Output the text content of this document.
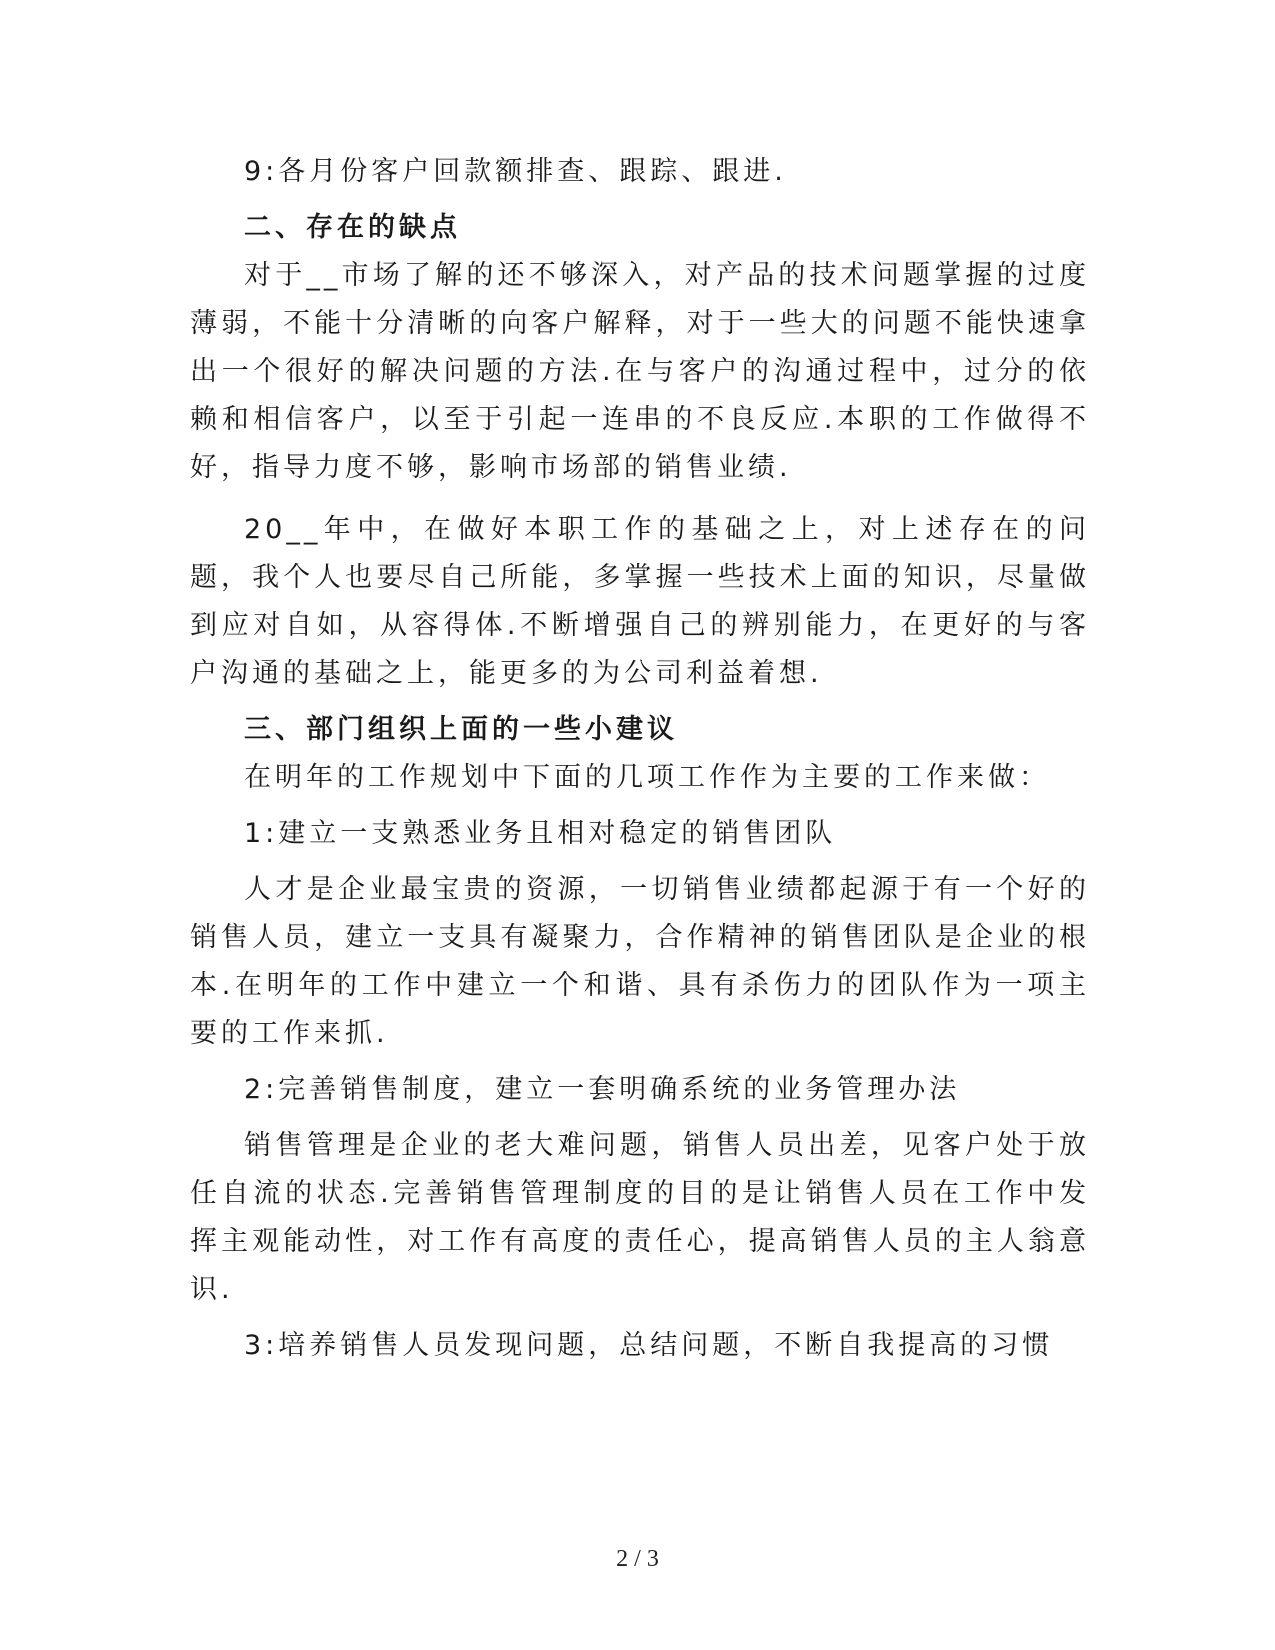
9:各月份客户回款额排查、跟踪、跟进.

二、存在的缺点

对于__市场了解的还不够深入，对产品的技术问题掌握的过度薄弱，不能十分清晰的向客户解释，对于一些大的问题不能快速拿出一个很好的解决问题的方法.在与客户的沟通过程中，过分的依赖和相信客户，以至于引起一连串的不良反应.本职的工作做得不好，指导力度不够，影响市场部的销售业绩.

20__年中，在做好本职工作的基础之上，对上述存在的问题，我个人也要尽自己所能，多掌握一些技术上面的知识，尽量做到应对自如，从容得体.不断增强自己的辨别能力，在更好的与客户沟通的基础之上，能更多的为公司利益着想.

三、部门组织上面的一些小建议

在明年的工作规划中下面的几项工作作为主要的工作来做：

1:建立一支熟悉业务且相对稳定的销售团队

人才是企业最宝贵的资源，一切销售业绩都起源于有一个好的销售人员，建立一支具有凝聚力，合作精神的销售团队是企业的根本.在明年的工作中建立一个和谐、具有杀伤力的团队作为一项主要的工作来抓.

2:完善销售制度，建立一套明确系统的业务管理办法

销售管理是企业的老大难问题，销售人员出差，见客户处于放任自流的状态.完善销售管理制度的目的是让销售人员在工作中发挥主观能动性，对工作有高度的责任心，提高销售人员的主人翁意识.

3:培养销售人员发现问题，总结问题，不断自我提高的习惯

2 / 3
